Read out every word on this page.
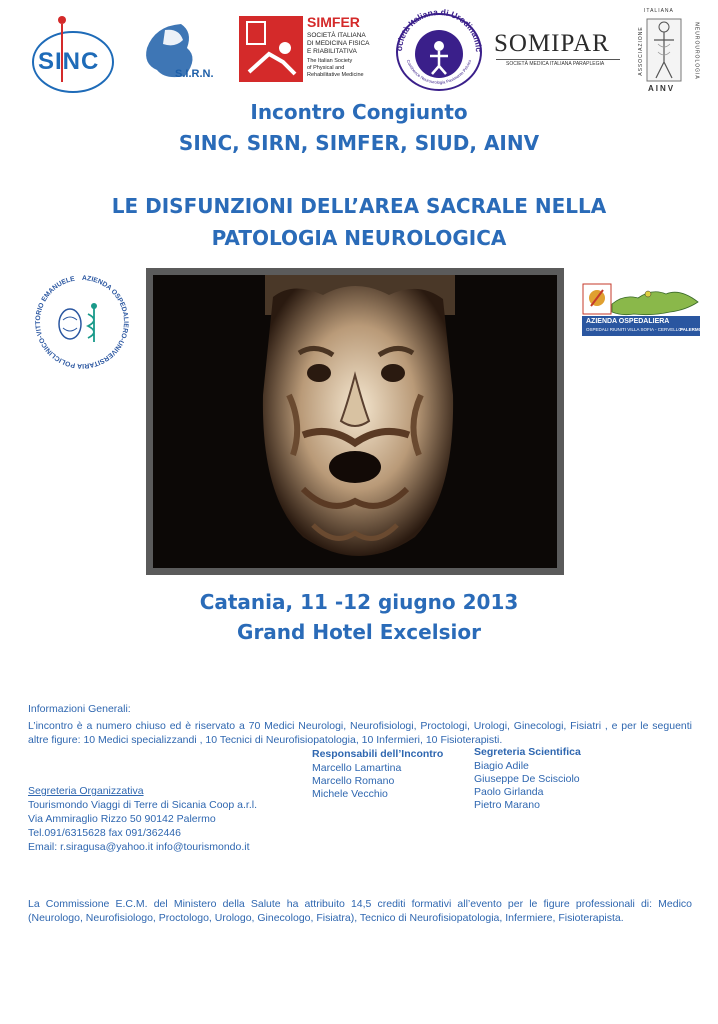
SINC	S.I.R.N.
SIMFER
SOCIETÀ ITALIANA
DI MEDICINA FISICA
E RIABILITATIVA
The Italian Society
of Physical and
Rehabilitative Medicine
ocietà Italiana di Urodinamic
Continence Neurourologia Pavimento Pelvico
SOMIPAR
SOCIETÀ MEDICA ITALIANA PARAPLEGIA
ITALIANA
ASSOCIAZIONE	NEUROUROLOGIA
AINV
Incontro Congiunto
SINC, SIRN, SIMFER, SIUD, AINV
LE DISFUNZIONI DELL’AREA SACRALE NELLA
PATOLOGIA NEUROLOGICA
AZIENDA OSPEDALIERO-UNIVERSITARIA POLICLINICO-VITTORIO EMANUELE
AZIENDA OSPEDALIERA
OSPEDALI RIUNITI VILLA SOFIA - CERVELLO
PALERMO
Catania, 11 -12 giugno 2013
Grand Hotel Excelsior
Informazioni Generali:
L’incontro è a numero chiuso ed è riservato a 70 Medici Neurologi, Neurofisiologi, Proctologi, Urologi, Ginecologi, Fisiatri , e per le seguenti altre figure: 10 Medici specializzandi , 10 Tecnici di Neurofisiopatologia, 10 Infermieri, 10 Fisioterapisti.
Responsabili dell’Incontro
Marcello Lamartina
Marcello Romano
Michele Vecchio
Segreteria Scientifica
Biagio Adile
Giuseppe De Scisciolo
Paolo Girlanda
Pietro Marano
Segreteria Organizzativa
Tourismondo Viaggi di Terre di Sicania Coop a.r.l.
Via Ammiraglio Rizzo 50 90142 Palermo
Tel.091/6315628 fax 091/362446
Email: r.siragusa@yahoo.it info@tourismondo.it
La Commissione E.C.M. del Ministero della Salute ha attribuito 14,5 crediti formativi all’evento per le figure professionali di: Medico (Neurologo, Neurofisiologo, Proctologo, Urologo, Ginecologo, Fisiatra), Tecnico di Neurofisiopatologia, Infermiere, Fisioterapista.
